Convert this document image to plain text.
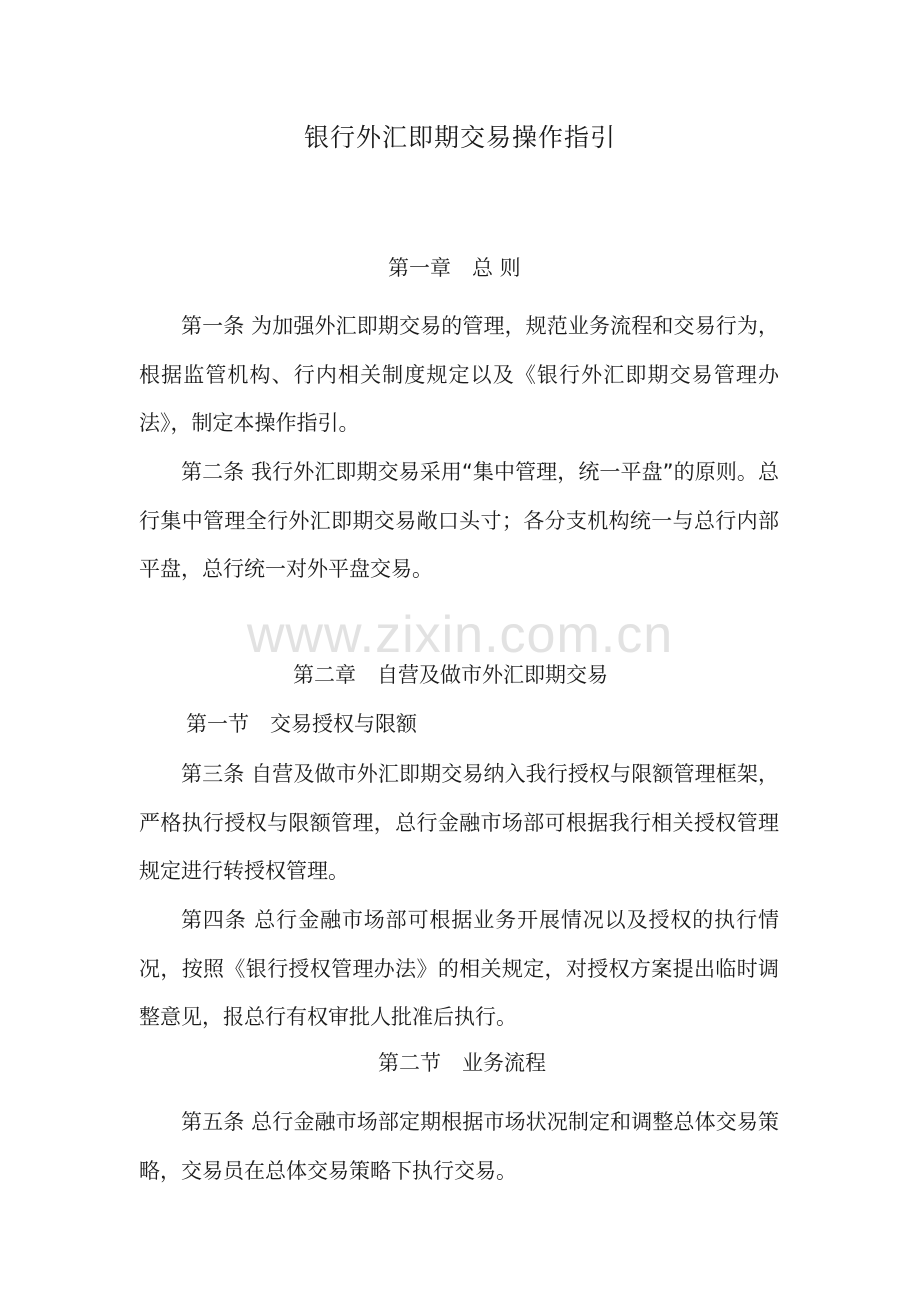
银行外汇即期交易操作指引
第一章　总 则

第一条 为加强外汇即期交易的管理，规范业务流程和交易行为，根据监管机构、行内相关制度规定以及《银行外汇即期交易管理办法》，制定本操作指引。

第二条 我行外汇即期交易采用“集中管理，统一平盘”的原则。总行集中管理全行外汇即期交易敞口头寸；各分支机构统一与总行内部平盘，总行统一对外平盘交易。

www.zixin.com.cn
第二章　自营及做市外汇即期交易
第一节　交易授权与限额

第三条 自营及做市外汇即期交易纳入我行授权与限额管理框架，严格执行授权与限额管理，总行金融市场部可根据我行相关授权管理规定进行转授权管理。

第四条 总行金融市场部可根据业务开展情况以及授权的执行情况，按照《银行授权管理办法》的相关规定，对授权方案提出临时调整意见，报总行有权审批人批准后执行。

第二节　业务流程

第五条 总行金融市场部定期根据市场状况制定和调整总体交易策略，交易员在总体交易策略下执行交易。
